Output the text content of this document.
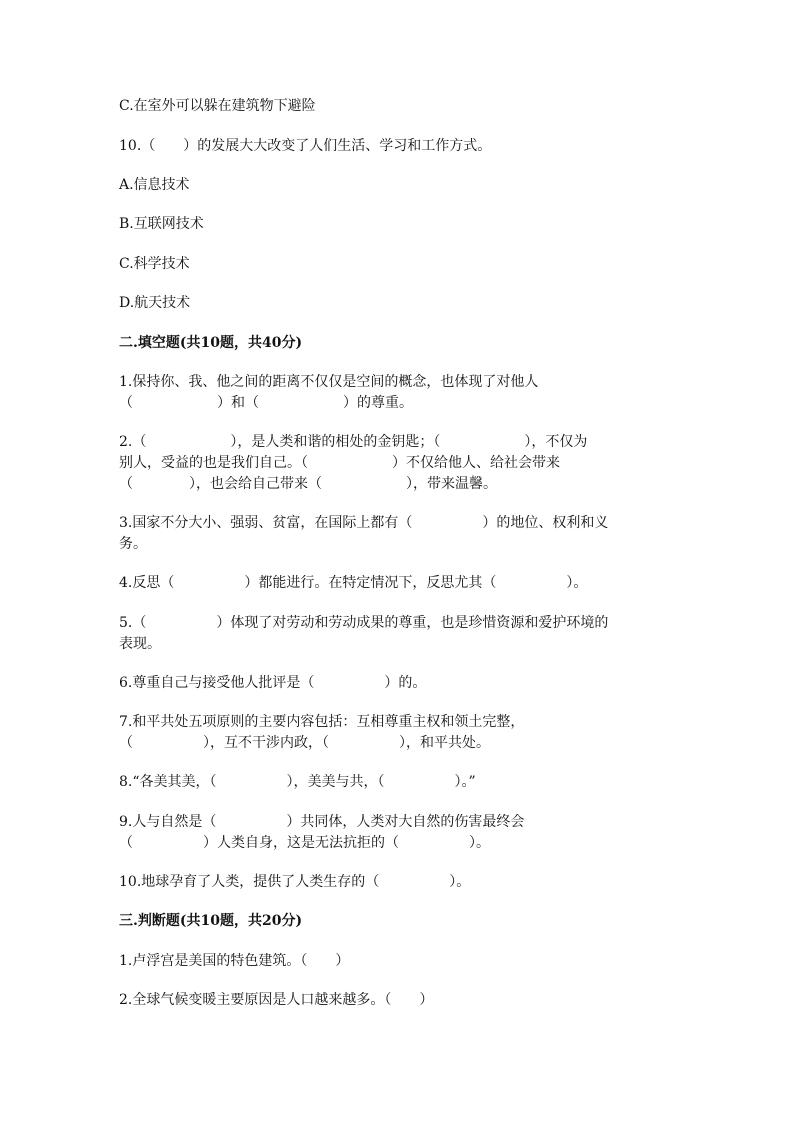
C.在室外可以躲在建筑物下避险
10.（　　）的发展大大改变了人们生活、学习和工作方式。
A.信息技术
B.互联网技术
C.科学技术
D.航天技术
二.填空题(共10题，共40分)
1.保持你、我、他之间的距离不仅仅是空间的概念，也体现了对他人
（　　　　　　）和（　　　　　　）的尊重。
2.（　　　　　　），是人类和谐的相处的金钥匙；（　　　　　　），不仅为
别人，受益的也是我们自己。（　　　　　　）不仅给他人、给社会带来
（　　　　），也会给自己带来（　　　　　　），带来温馨。
3.国家不分大小、强弱、贫富，在国际上都有（　　　　　）的地位、权利和义
务。
4.反思（　　　　　）都能进行。在特定情况下，反思尤其（　　　　　）。
5.（　　　　　）体现了对劳动和劳动成果的尊重，也是珍惜资源和爱护环境的
表现。
6.尊重自己与接受他人批评是（　　　　　）的。
7.和平共处五项原则的主要内容包括：互相尊重主权和领土完整，
（　　　　　），互不干涉内政，（　　　　　），和平共处。
8.“各美其美，（　　　　　），美美与共，（　　　　　）。”
9.人与自然是（　　　　　）共同体，人类对大自然的伤害最终会
（　　　　　）人类自身，这是无法抗拒的（　　　　　）。
10.地球孕育了人类，提供了人类生存的（　　　　　）。
三.判断题(共10题，共20分)
1.卢浮宫是美国的特色建筑。（　　）
2.全球气候变暖主要原因是人口越来越多。（　　）
